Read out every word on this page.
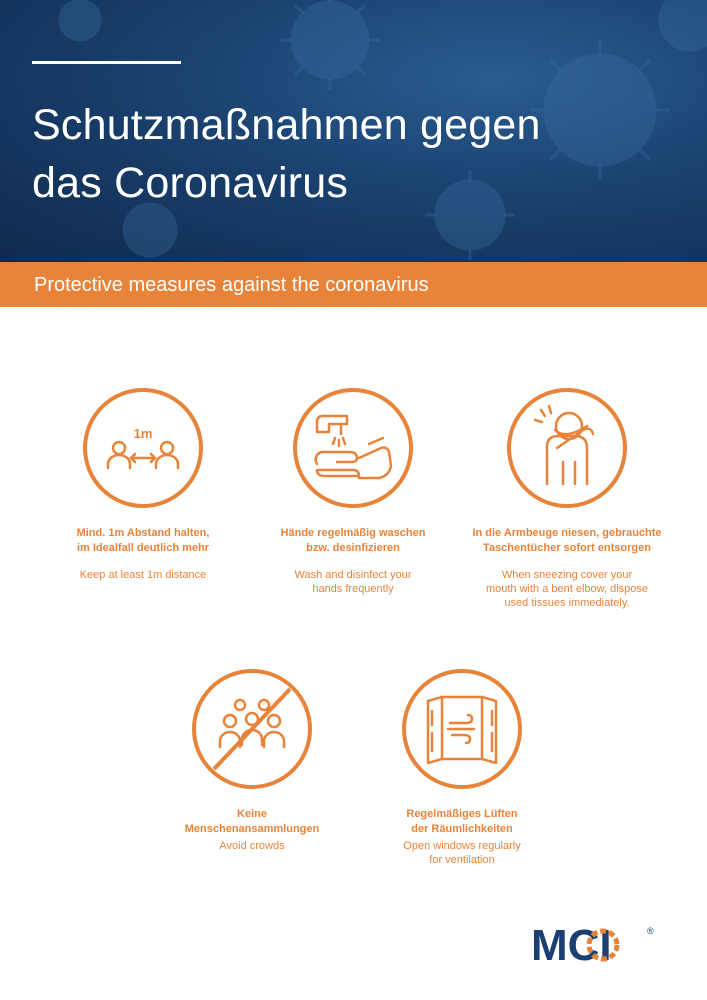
Schutzmaßnahmen gegen
das Coronavirus
Protective measures against the coronavirus
1m

Mind. 1m Abstand halten,
im Idealfall deutlich mehr

Keep at least 1m distance

Hände regelmäßig waschen
bzw. desinfizieren

Wash and disinfect your
hands frequently

In die Armbeuge niesen, gebrauchte
Taschentücher sofort entsorgen

When sneezing cover your
mouth with a bent elbow, dispose
used tissues immediately.

Keine
Menschenansammlungen

Avoid crowds

Regelmäßiges Lüften
der Räumlichkeiten

Open windows regularly
for ventilation

MCI	®
